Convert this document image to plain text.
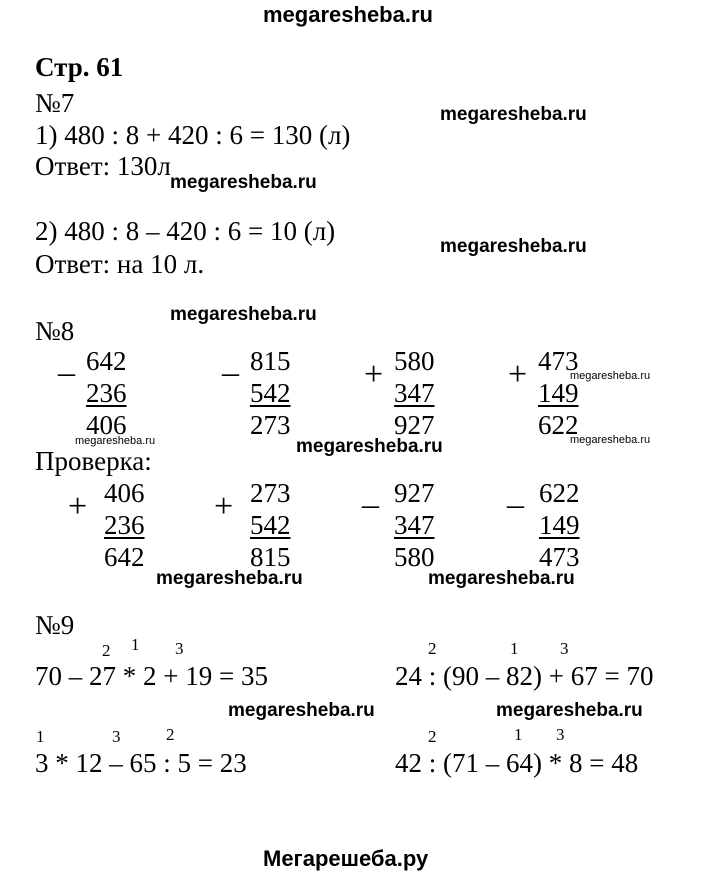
megaresheba.ru
Мегарешеба.ру
Стр. 61
№7
1) 480 : 8 + 420 : 6 = 130 (л)
Ответ: 130л
2) 480 : 8 – 420 : 6 = 10 (л)
Ответ: на 10 л.
№8
– 642
236
406
– 815
542
273
+ 580
347
927
+ 473
149
622
Проверка:
+ 406
236
642
+ 273
542
815
– 927
347
580
– 622
149
473
№9
2 1 3
70 – 27 * 2 + 19 = 35
2	1 3
24 : (90 – 82) + 67 = 70
1	3	2
3 * 12 – 65 : 5 = 23
2	1 3
42 : (71 – 64) * 8 = 48
megaresheba.ru
megaresheba.ru
megaresheba.ru
megaresheba.ru
megaresheba.ru
megaresheba.ru	megaresheba.ru	megaresheba.ru
megaresheba.ru	megaresheba.ru
megaresheba.ru	megaresheba.ru
